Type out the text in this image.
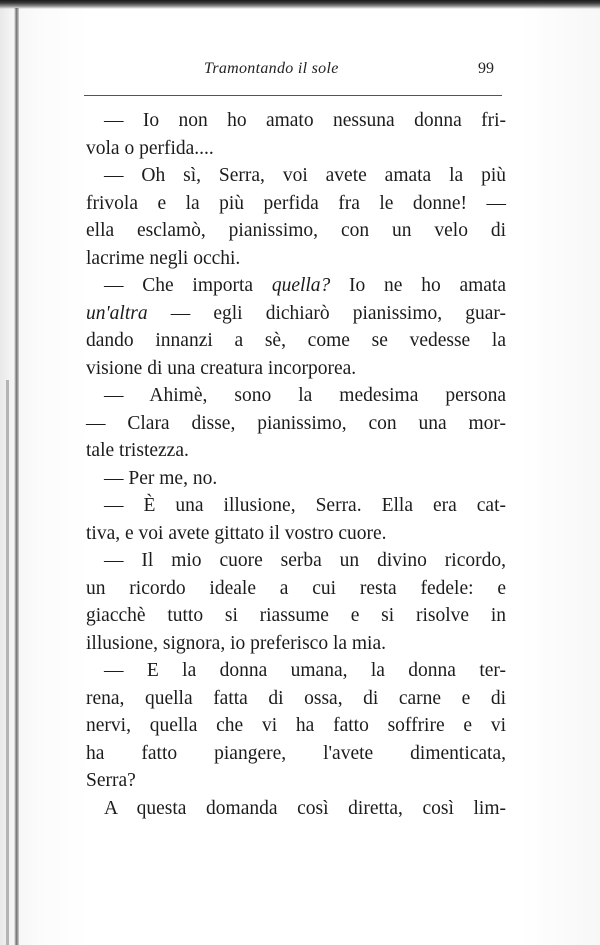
Tramontando il sole	99
— Io non ho amato nessuna donna fri-
vola o perfida....
— Oh sì, Serra, voi avete amata la più
frivola e la più perfida fra le donne! —
ella esclamò, pianissimo, con un velo di
lacrime negli occhi.
— Che importa quella? Io ne ho amata
un'altra — egli dichiarò pianissimo, guar-
dando innanzi a sè, come se vedesse la
visione di una creatura incorporea.
— Ahimè, sono la medesima persona
— Clara disse, pianissimo, con una mor-
tale tristezza.
— Per me, no.
— È una illusione, Serra. Ella era cat-
tiva, e voi avete gittato il vostro cuore.
— Il mio cuore serba un divino ricordo,
un ricordo ideale a cui resta fedele: e
giacchè tutto si riassume e si risolve in
illusione, signora, io preferisco la mia.
— E la donna umana, la donna ter-
rena, quella fatta di ossa, di carne e di
nervi, quella che vi ha fatto soffrire e vi
ha fatto piangere, l'avete dimenticata,
Serra?
A questa domanda così diretta, così lim-
